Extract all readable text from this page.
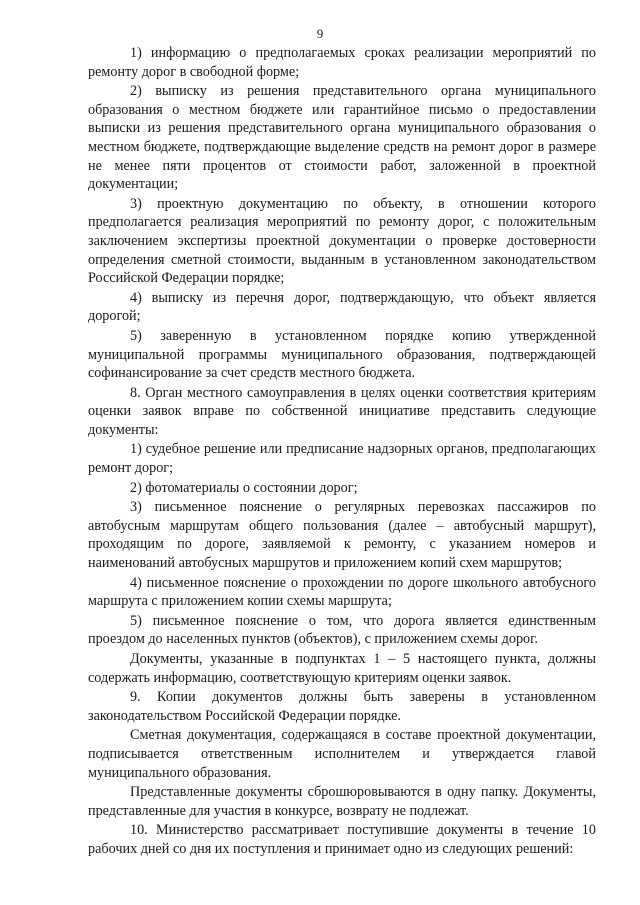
9

1) информацию о предполагаемых сроках реализации мероприятий по ремонту дорог в свободной форме;

2) выписку из решения представительного органа муниципального образования о местном бюджете или гарантийное письмо о предоставлении выписки из решения представительного органа муниципального образования о местном бюджете, подтверждающие выделение средств на ремонт дорог в размере не менее пяти процентов от стоимости работ, заложенной в проектной документации;

3) проектную документацию по объекту, в отношении которого предполагается реализация мероприятий по ремонту дорог, с положительным заключением экспертизы проектной документации о проверке достоверности определения сметной стоимости, выданным в установленном законодательством Российской Федерации порядке;

4) выписку из перечня дорог, подтверждающую, что объект является дорогой;

5) заверенную в установленном порядке копию утвержденной муниципальной программы муниципального образования, подтверждающей софинансирование за счет средств местного бюджета.

8. Орган местного самоуправления в целях оценки соответствия критериям оценки заявок вправе по собственной инициативе представить следующие документы:

1) судебное решение или предписание надзорных органов, предполагающих ремонт дорог;

2) фотоматериалы о состоянии дорог;

3) письменное пояснение о регулярных перевозках пассажиров по автобусным маршрутам общего пользования (далее – автобусный маршрут), проходящим по дороге, заявляемой к ремонту, с указанием номеров и наименований автобусных маршрутов и приложением копий схем маршрутов;

4) письменное пояснение о прохождении по дороге школьного автобусного маршрута с приложением копии схемы маршрута;

5) письменное пояснение о том, что дорога является единственным проездом до населенных пунктов (объектов), с приложением схемы дорог.

Документы, указанные в подпунктах 1 – 5 настоящего пункта, должны содержать информацию, соответствующую критериям оценки заявок.

9. Копии документов должны быть заверены в установленном законодательством Российской Федерации порядке.

Сметная документация, содержащаяся в составе проектной документации, подписывается ответственным исполнителем и утверждается главой муниципального образования.

Представленные документы сброшюровываются в одну папку. Документы, представленные для участия в конкурсе, возврату не подлежат.

10. Министерство рассматривает поступившие документы в течение 10 рабочих дней со дня их поступления и принимает одно из следующих решений:
